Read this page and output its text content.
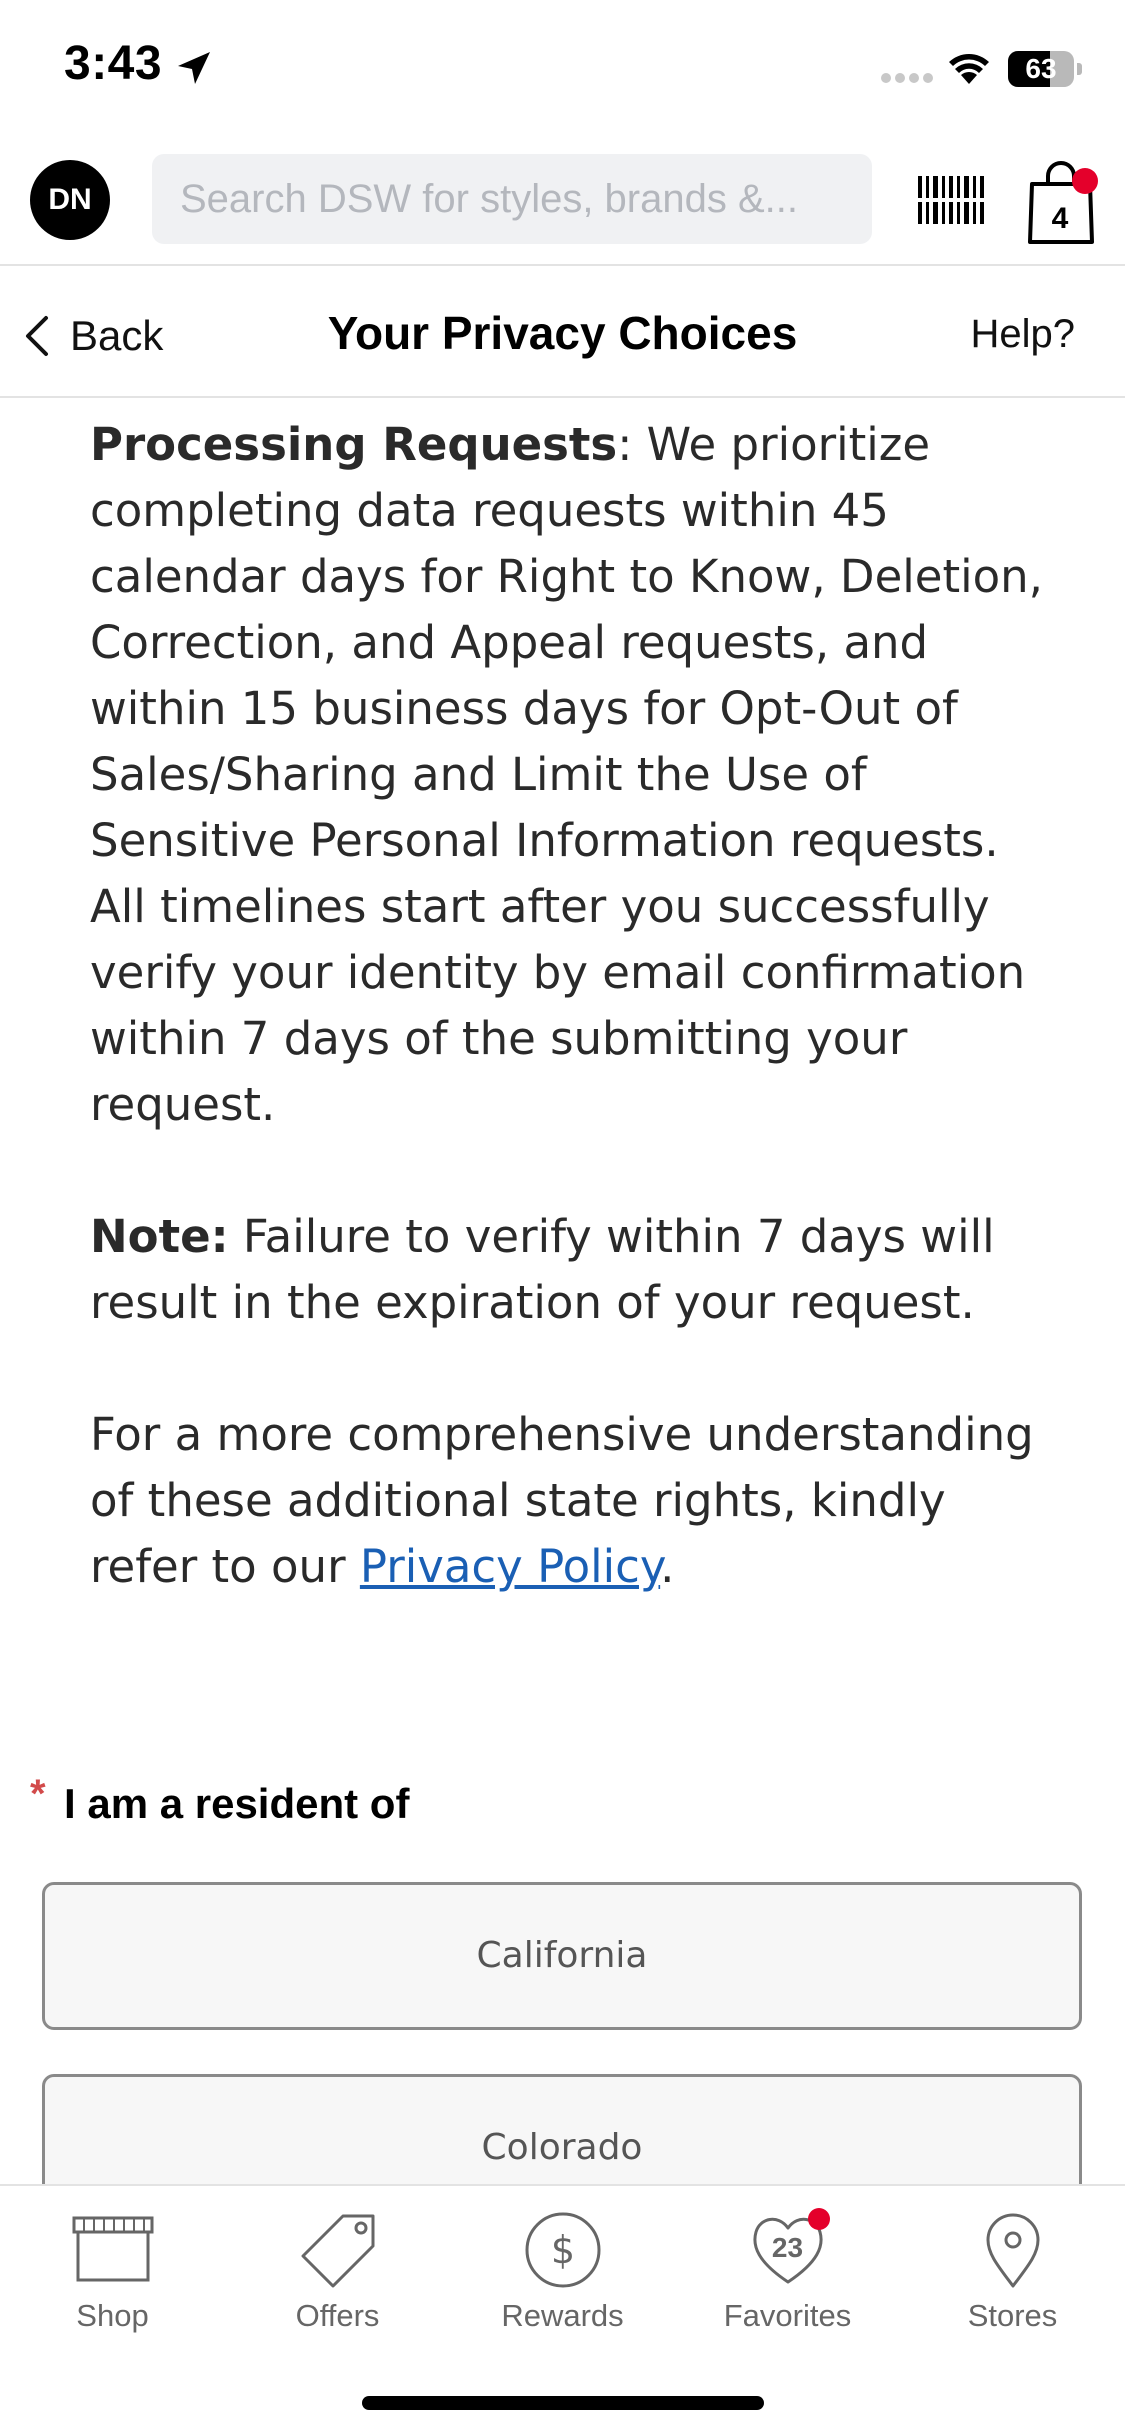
3:43	63
DN
Search DSW for styles, brands &...
4
Back	Your Privacy Choices	Help?

Processing Requests: We prioritize completing data requests within 45 calendar days for Right to Know, Deletion, Correction, and Appeal requests, and within 15 business days for Opt-Out of Sales/Sharing and Limit the Use of Sensitive Personal Information requests. All timelines start after you successfully verify your identity by email confirmation within 7 days of the submitting your request.

Note: Failure to verify within 7 days will result in the expiration of your request.

For a more comprehensive understanding of these additional state rights, kindly refer to our Privacy Policy.

* I am a resident of
California
Colorado
Shop	Offers
$
Rewards
23
Favorites	Stores
